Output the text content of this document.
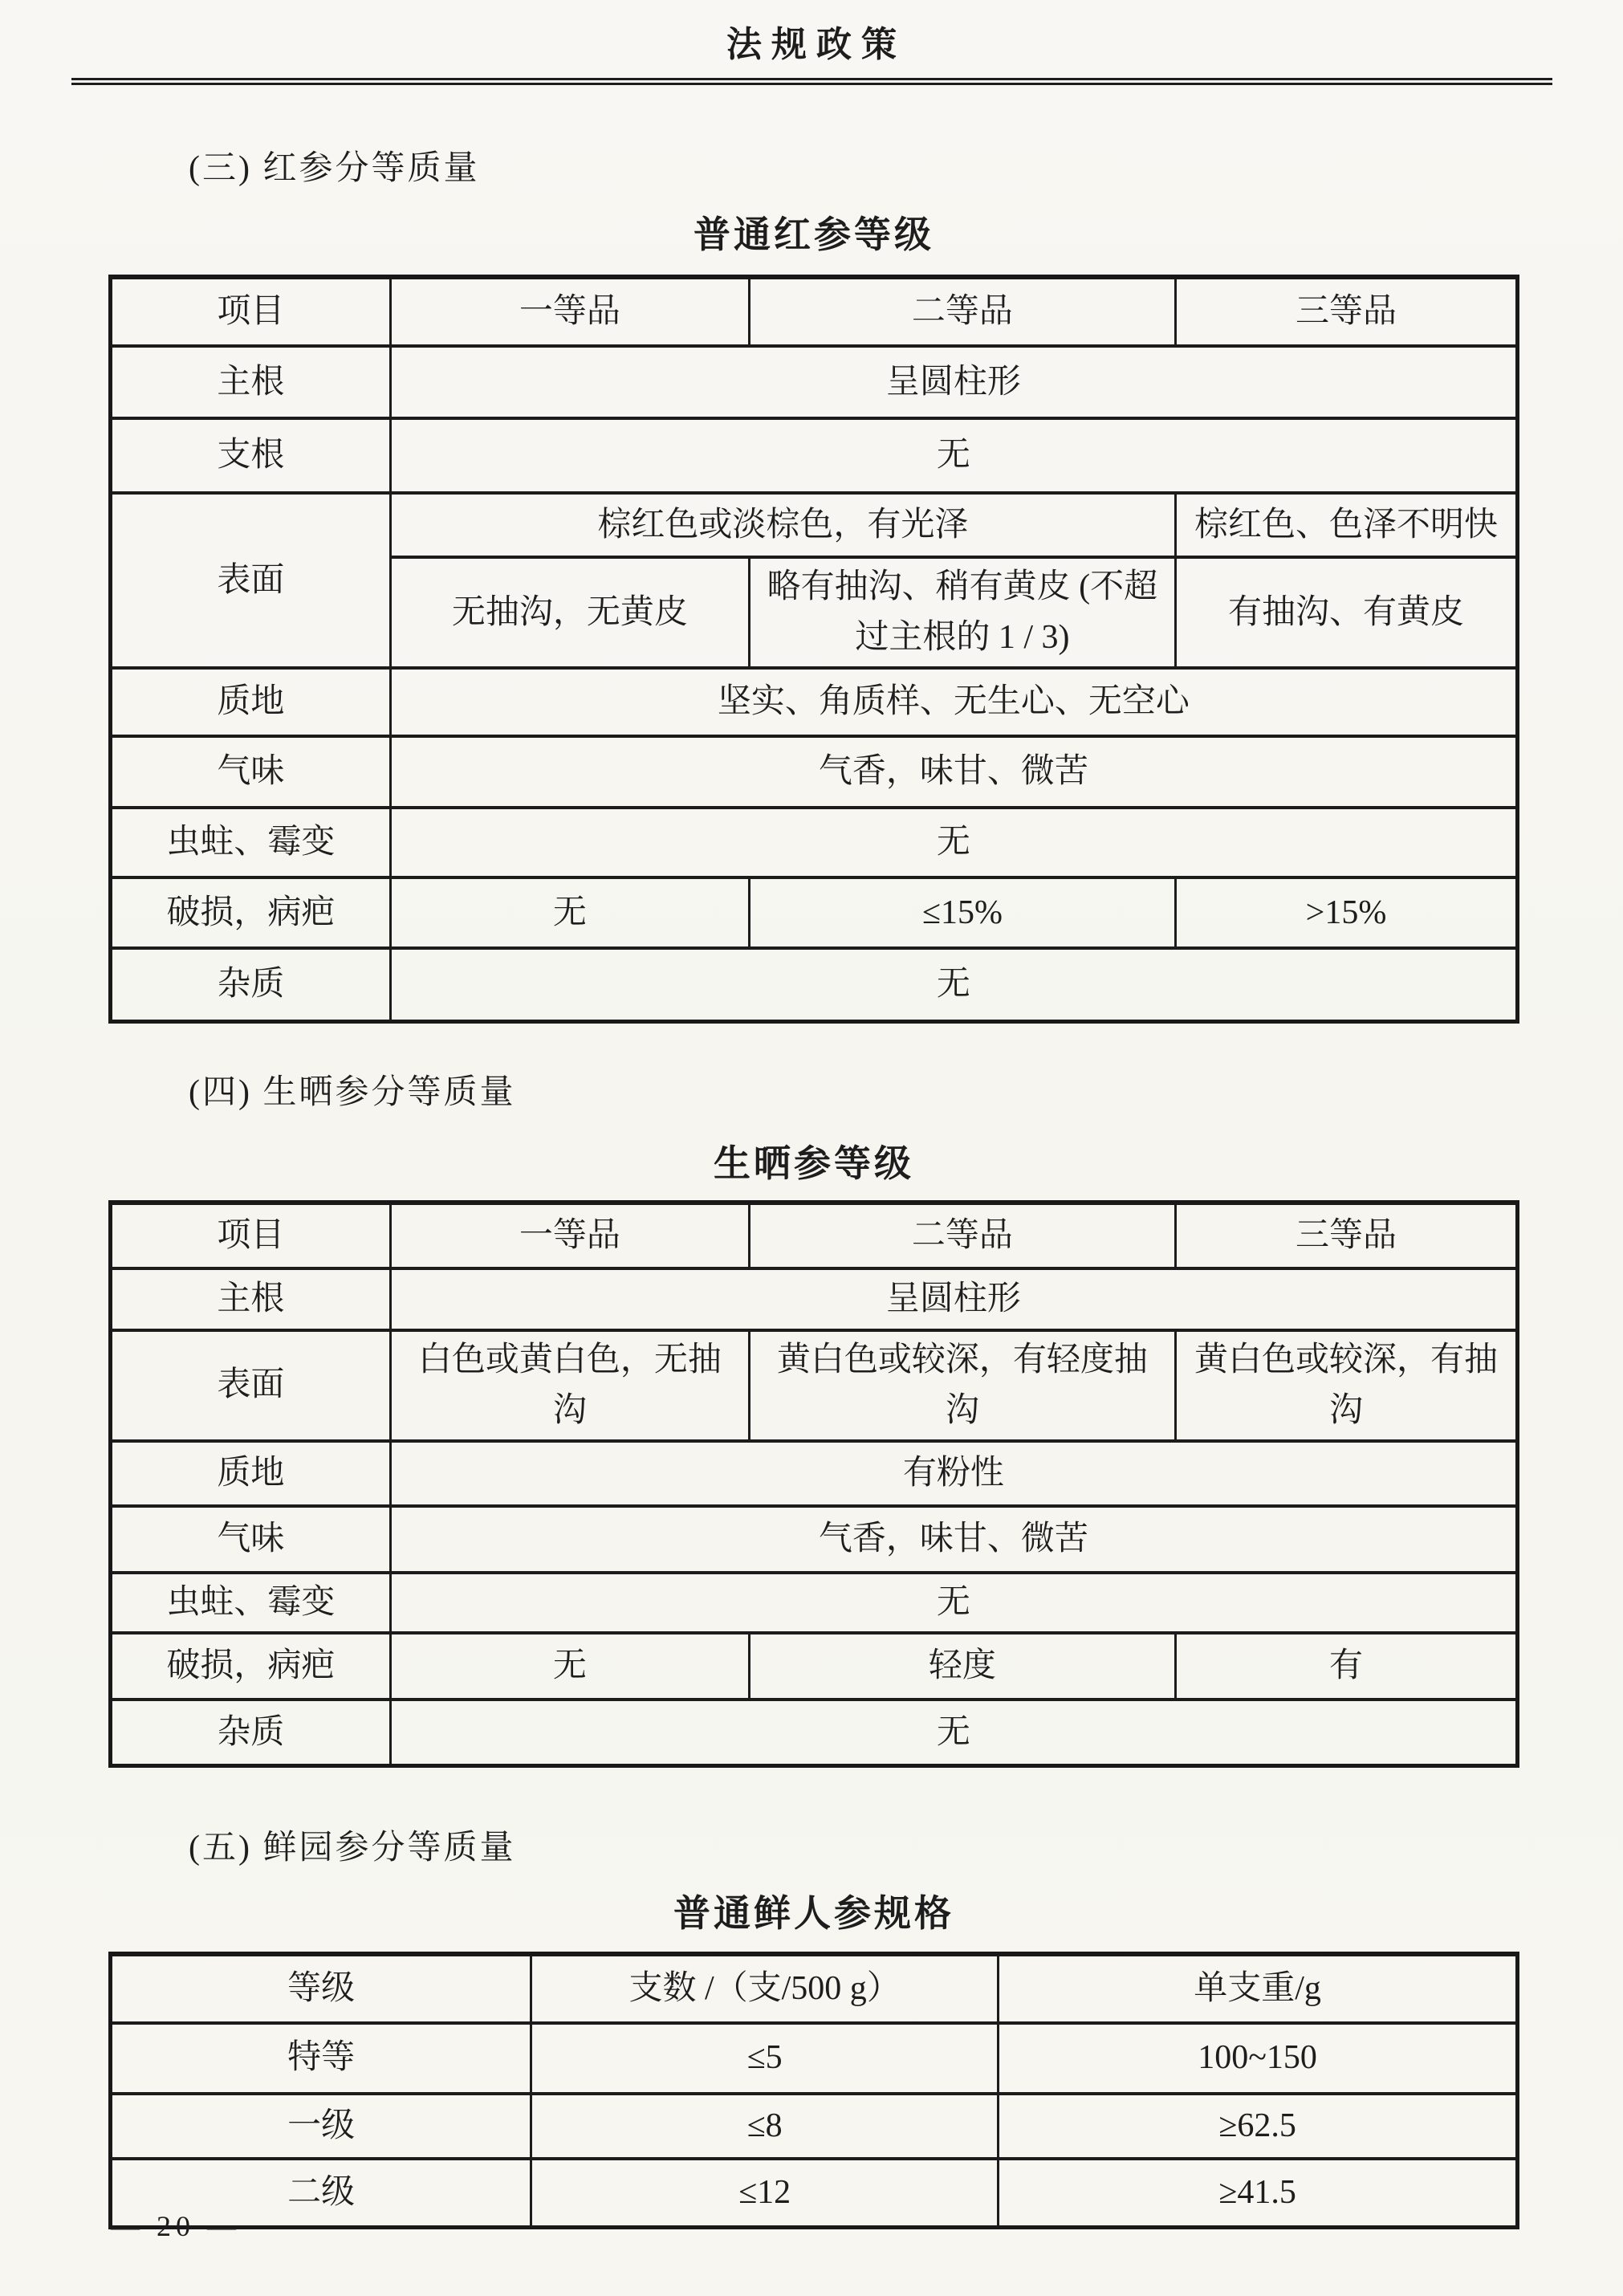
法规政策
(三) 红参分等质量
普通红参等级
项目	一等品	二等品	三等品
主根	呈圆柱形		
支根	无		
表面	棕红色或淡棕色，有光泽		棕红色、色泽不明快
	无抽沟，无黄皮	略有抽沟、稍有黄皮 (不超过主根的 1 / 3)	有抽沟、有黄皮
质地	坚实、角质样、无生心、无空心		
气味	气香，味甘、微苦		
虫蛀、霉变	无		
破损，病疤	无	≤15%	>15%
杂质	无		
(四) 生晒参分等质量
生晒参等级
项目	一等品	二等品	三等品
主根	呈圆柱形		
表面	白色或黄白色，无抽沟	黄白色或较深，有轻度抽沟	黄白色或较深，有抽沟
质地	有粉性		
气味	气香，味甘、微苦		
虫蛀、霉变	无		
破损，病疤	无	轻度	有
杂质	无		
(五) 鲜园参分等质量
普通鲜人参规格
等级	支数 /（支/500 g）	单支重/g
特等	≤5	100~150
一级	≤8	≥62.5
二级	≤12	≥41.5
— 20 —
